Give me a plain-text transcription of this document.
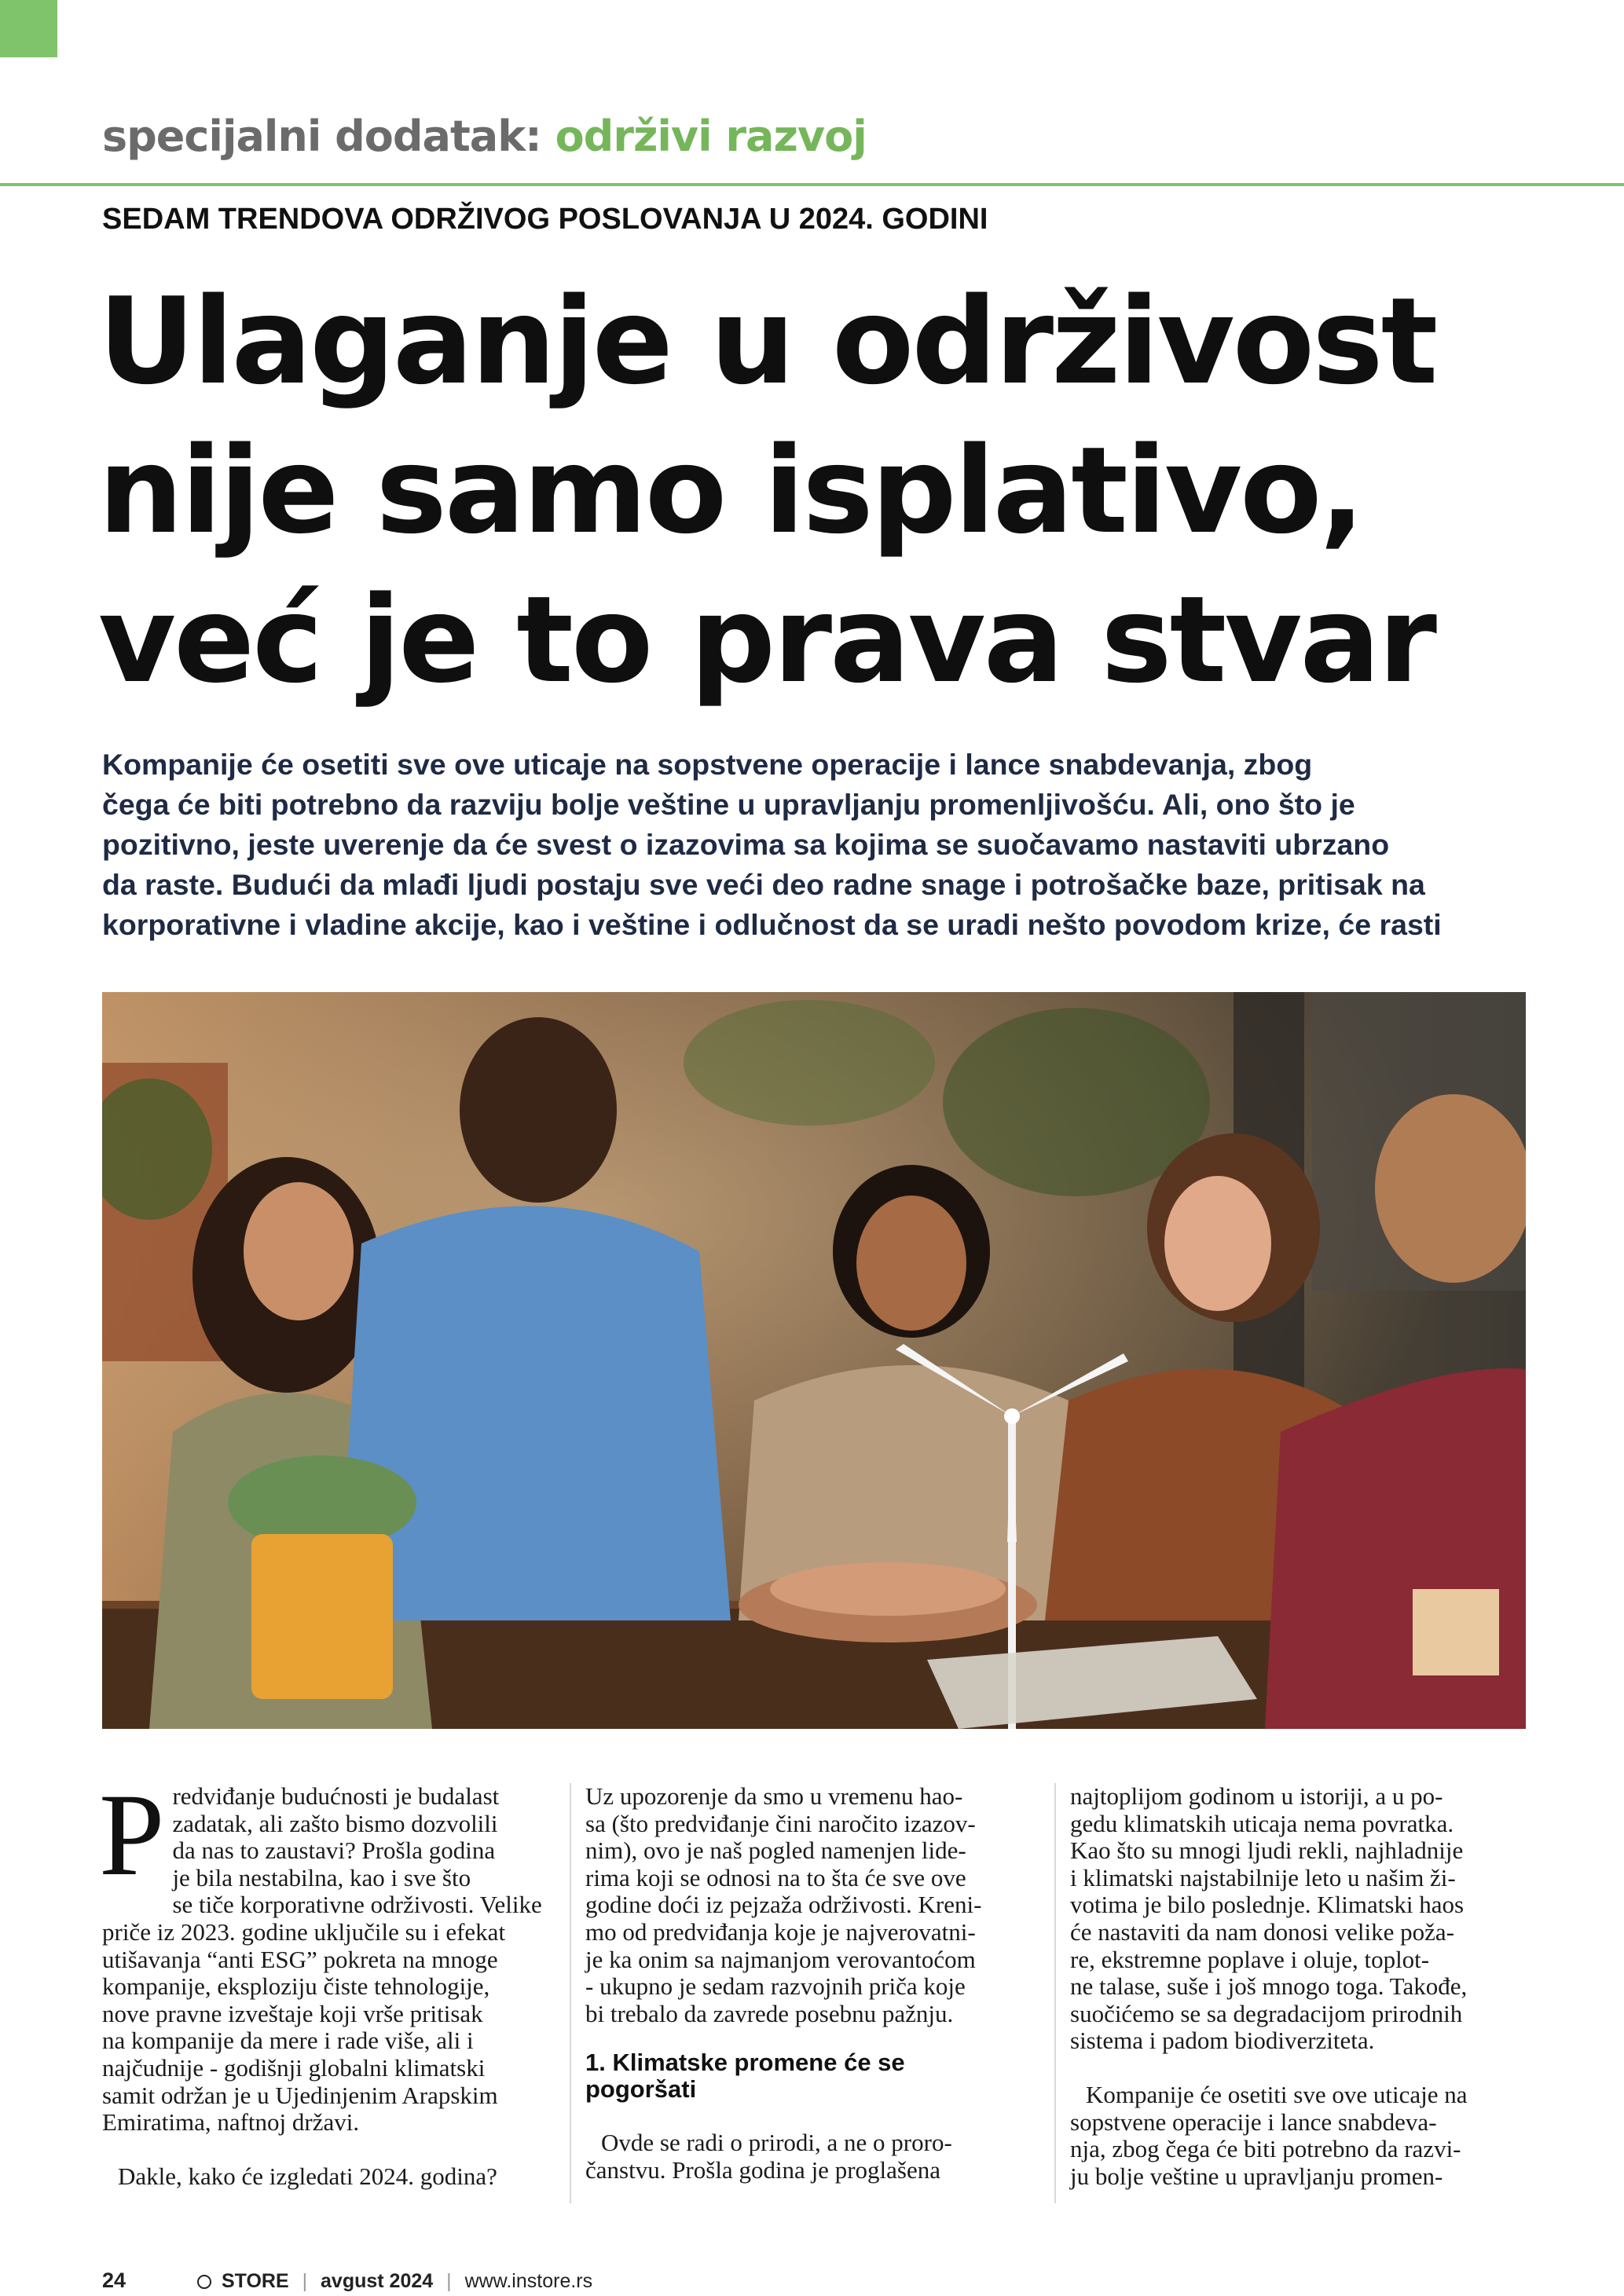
specijalni dodatak: održivi razvoj
SEDAM TRENDOVA ODRŽIVOG POSLOVANJA U 2024. GODINI
Ulaganje u održivost
nije samo isplativo,
već je to prava stvar

Kompanije će osetiti sve ove uticaje na sopstvene operacije i lance snabdevanja, zbog
čega će biti potrebno da razviju bolje veštine u upravljanju promenljivošću. Ali, ono što je
pozitivno, jeste uverenje da će svest o izazovima sa kojima se suočavamo nastaviti ubrzano
da raste. Budući da mlađi ljudi postaju sve veći deo radne snage i potrošačke baze, pritisak na
korporativne i vladine akcije, kao i veštine i odlučnost da se uradi nešto povodom krize, će rasti

P redviđanje budućnosti je budalast
zadatak, ali zašto bismo dozvolili
da nas to zaustavi? Prošla godina
je bila nestabilna, kao i sve što
se tiče korporativne održivosti. Velike
priče iz 2023. godine uključile su i efekat
utišavanja “anti ESG” pokreta na mnoge
kompanije, eksploziju čiste tehnologije,
nove pravne izveštaje koji vrše pritisak
na kompanije da mere i rade više, ali i
najčudnije - godišnji globalni klimatski
samit održan je u Ujedinjenim Arapskim
Emiratima, naftnoj državi.

Dakle, kako će izgledati 2024. godina?

Uz upozorenje da smo u vremenu hao-
sa (što predviđanje čini naročito izazov-
nim), ovo je naš pogled namenjen lide-
rima koji se odnosi na to šta će sve ove
godine doći iz pejzaža održivosti. Kreni-
mo od predviđanja koje je najverovatni-
je ka onim sa najmanjom verovantoćom
- ukupno je sedam razvojnih priča koje
bi trebalo da zavrede posebnu pažnju.

1. Klimatske promene će se
pogoršati

Ovde se radi o prirodi, a ne o proro-
čanstvu. Prošla godina je proglašena

najtoplijom godinom u istoriji, a u po-
gedu klimatskih uticaja nema povratka.
Kao što su mnogi ljudi rekli, najhladnije
i klimatski najstabilnije leto u našim ži-
votima je bilo poslednje. Klimatski haos
će nastaviti da nam donosi velike poža-
re, ekstremne poplave i oluje, toplot-
ne talase, suše i još mnogo toga. Takođe,
suočićemo se sa degradacijom prirodnih
sistema i padom biodiverziteta.

Kompanije će osetiti sve ove uticaje na
sopstvene operacije i lance snabdeva-
nja, zbog čega će biti potrebno da razvi-
ju bolje veštine u upravljanju promen-

24	STORE | avgust 2024 | www.instore.rs
